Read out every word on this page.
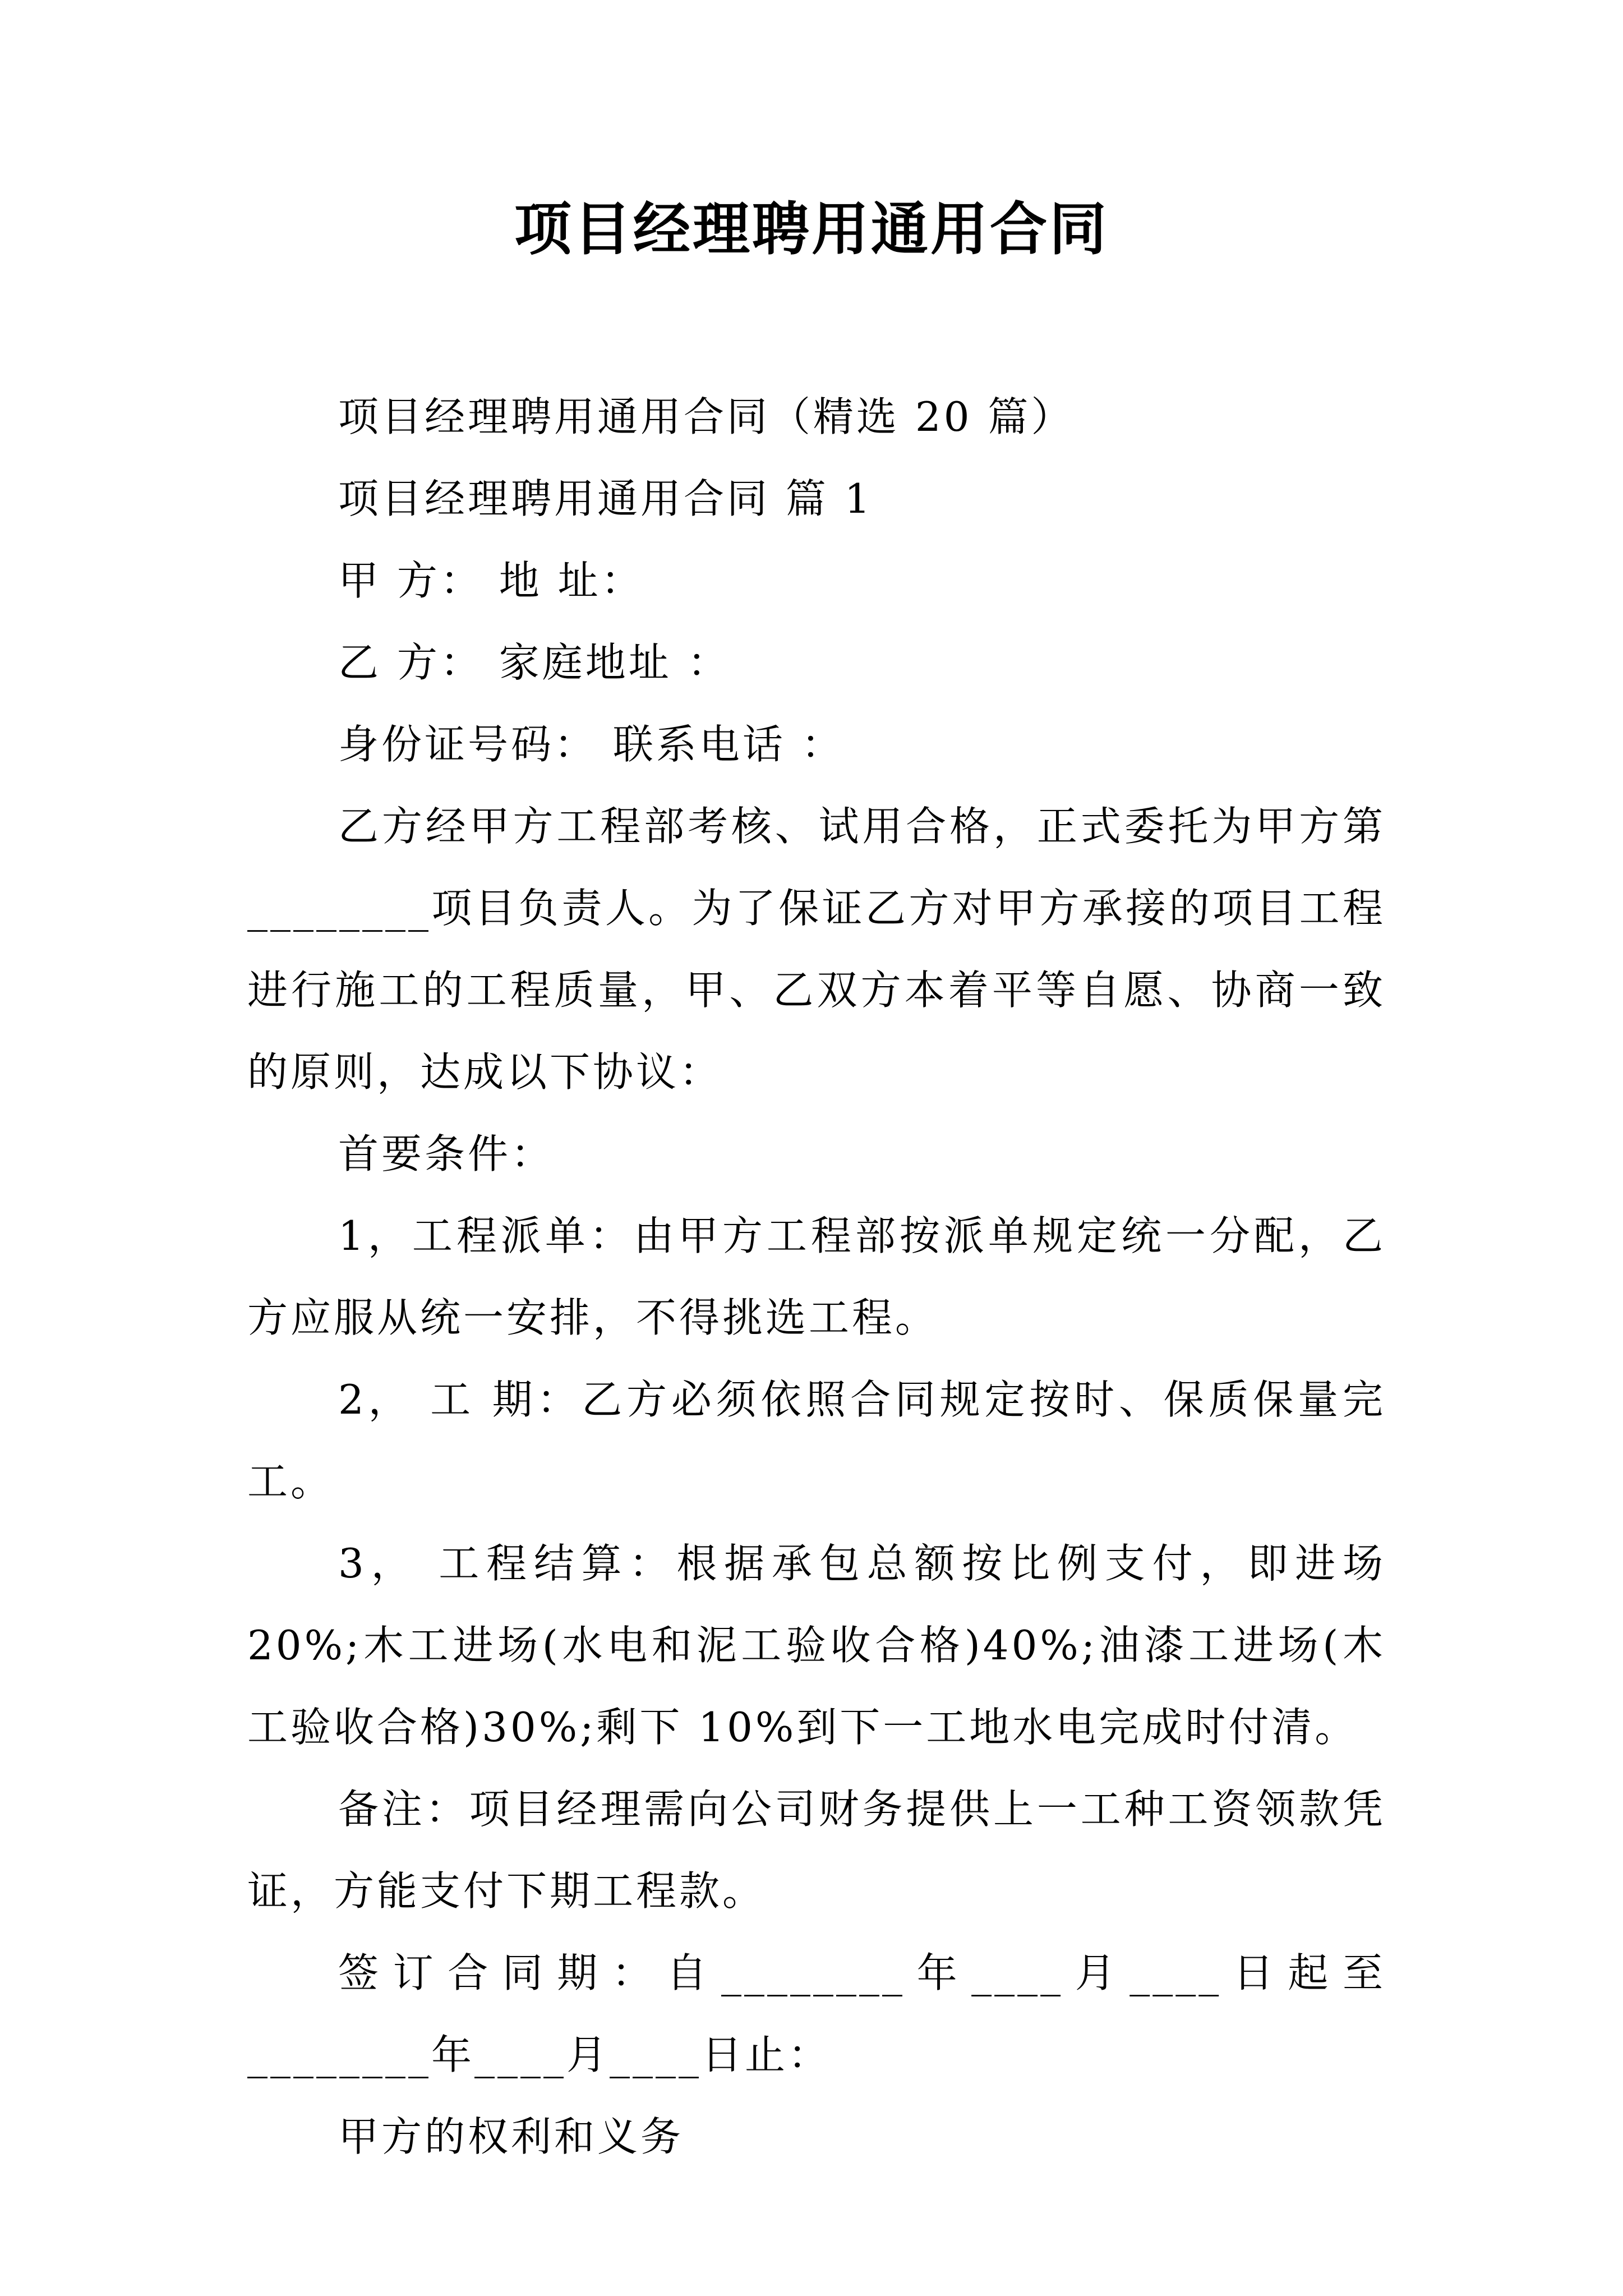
项目经理聘用通用合同

项目经理聘用通用合同（精选 20 篇）

项目经理聘用通用合同 篇 1

甲 方： 地 址：

乙 方： 家庭地址 ：

身份证号码： 联系电话 ：

乙方经甲方工程部考核、试用合格，正式委托为甲方第________项目负责人。为了保证乙方对甲方承接的项目工程进行施工的工程质量，甲、乙双方本着平等自愿、协商一致的原则，达成以下协议：

首要条件：

1，工程派单：由甲方工程部按派单规定统一分配，乙方应服从统一安排，不得挑选工程。

2， 工 期：乙方必须依照合同规定按时、保质保量完工。

3， 工程结算：根据承包总额按比例支付，即进场 20%;木工进场(水电和泥工验收合格)40%;油漆工进场(木工验收合格)30%;剩下 10%到下一工地水电完成时付清。

备注：项目经理需向公司财务提供上一工种工资领款凭证，方能支付下期工程款。

签订合同期：自________年____月____日起至________年____月____日止：

甲方的权利和义务
